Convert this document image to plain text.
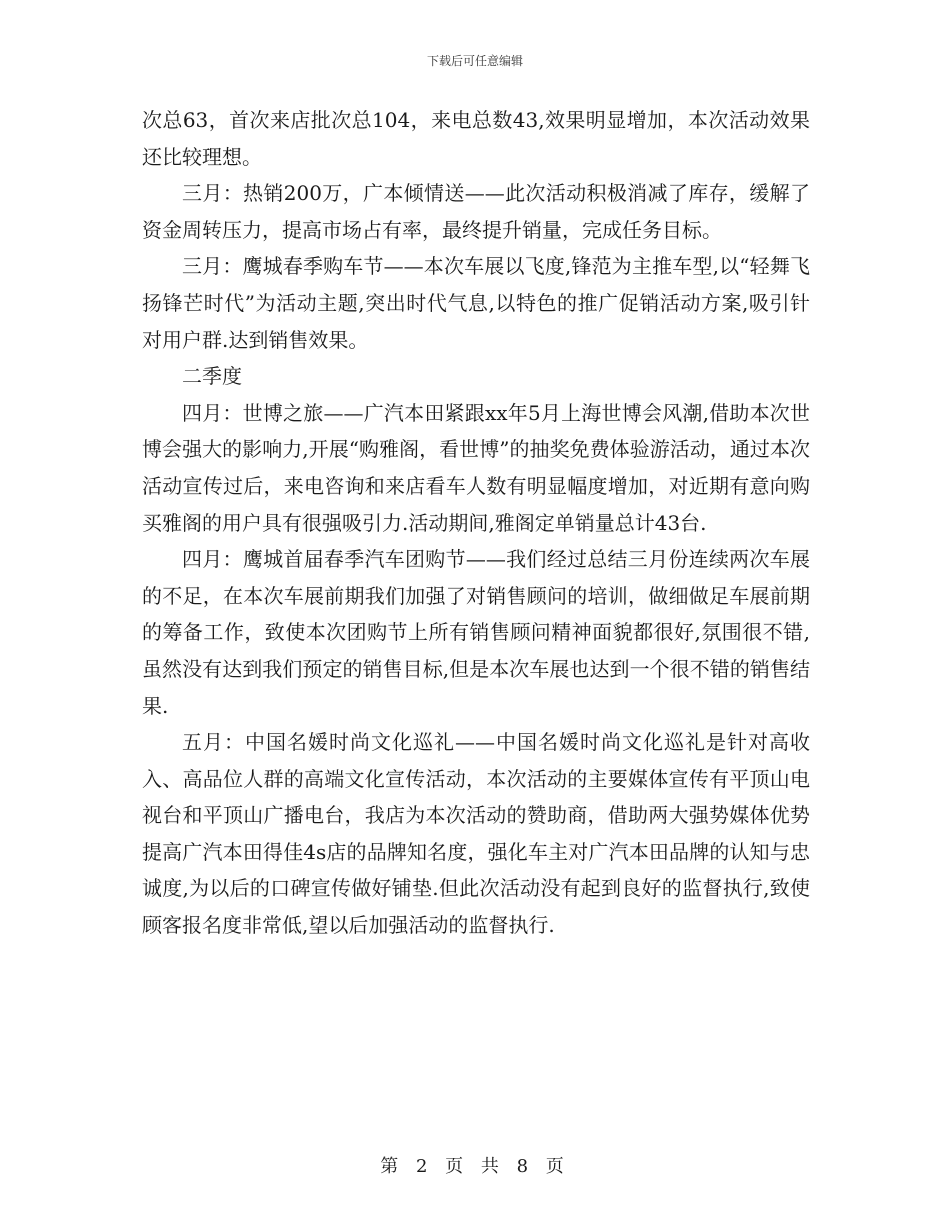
下载后可任意编辑

次总63，首次来店批次总104，来电总数43,效果明显增加，本次活动效果还比较理想。

三月：热销200万，广本倾情送——此次活动积极消减了库存，缓解了资金周转压力，提高市场占有率，最终提升销量，完成任务目标。

三月：鹰城春季购车节——本次车展以飞度,锋范为主推车型,以“轻舞飞扬锋芒时代”为活动主题,突出时代气息,以特色的推广促销活动方案,吸引针对用户群.达到销售效果。

二季度

四月：世博之旅——广汽本田紧跟xx年5月上海世博会风潮,借助本次世博会强大的影响力,开展“购雅阁，看世博”的抽奖免费体验游活动，通过本次活动宣传过后，来电咨询和来店看车人数有明显幅度增加，对近期有意向购买雅阁的用户具有很强吸引力.活动期间,雅阁定单销量总计43台.

四月：鹰城首届春季汽车团购节——我们经过总结三月份连续两次车展的不足，在本次车展前期我们加强了对销售顾问的培训，做细做足车展前期的筹备工作，致使本次团购节上所有销售顾问精神面貌都很好,氛围很不错,虽然没有达到我们预定的销售目标,但是本次车展也达到一个很不错的销售结果.

五月：中国名媛时尚文化巡礼——中国名媛时尚文化巡礼是针对高收入、高品位人群的高端文化宣传活动，本次活动的主要媒体宣传有平顶山电视台和平顶山广播电台，我店为本次活动的赞助商，借助两大强势媒体优势提高广汽本田得佳4s店的品牌知名度，强化车主对广汽本田品牌的认知与忠诚度,为以后的口碑宣传做好铺垫.但此次活动没有起到良好的监督执行,致使顾客报名度非常低,望以后加强活动的监督执行.

第 2 页 共 8 页
